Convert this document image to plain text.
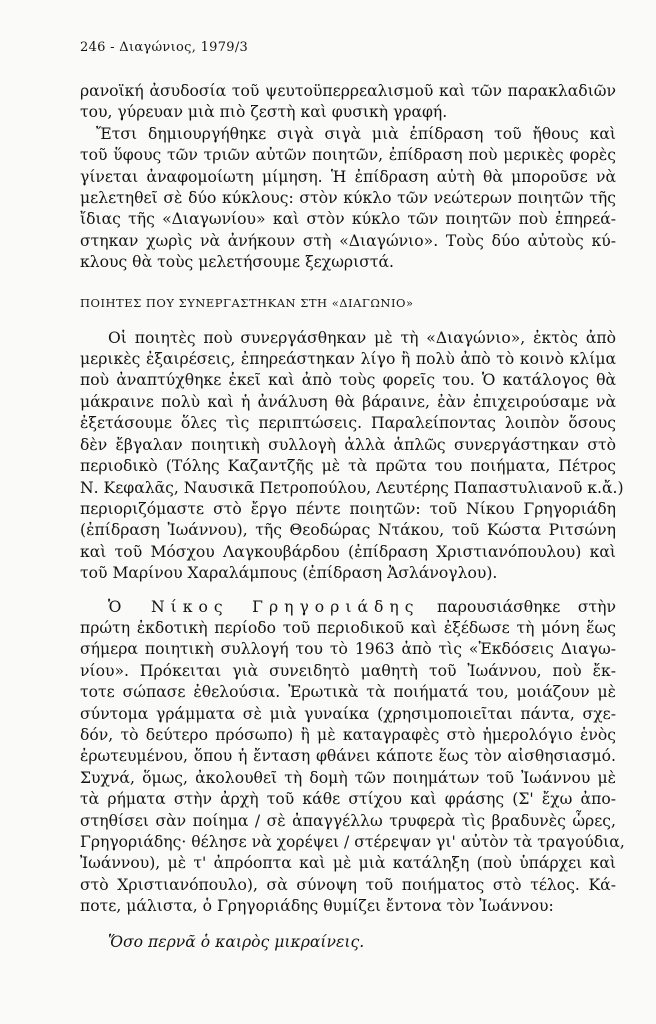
246 - Διαγώνιος, 1979/3
ρανοϊκή ἀσυδοσία τοῦ ψευτοϋπερρεαλισμοῦ καὶ τῶν παρακλαδιῶν
του, γύρευαν μιὰ πιὸ ζεστὴ καὶ φυσικὴ γραφή.
Ἔτσι δημιουργήθηκε σιγὰ σιγὰ μιὰ ἐπίδραση τοῦ ἤθους καὶ
τοῦ ὕφους τῶν τριῶν αὐτῶν ποιητῶν, ἐπίδραση ποὺ μερικὲς φορὲς
γίνεται ἀναφομοίωτη μίμηση. Ἡ ἐπίδραση αὐτὴ θὰ μποροῦσε νὰ
μελετηθεῖ σὲ δύο κύκλους: στὸν κύκλο τῶν νεώτερων ποιητῶν τῆς
ἴδιας τῆς «Διαγωνίου» καὶ στὸν κύκλο τῶν ποιητῶν ποὺ ἐπηρεά-
στηκαν χωρὶς νὰ ἀνήκουν στὴ «Διαγώνιο». Τοὺς δύο αὐτοὺς κύ-
κλους θὰ τοὺς μελετήσουμε ξεχωριστά.
ΠΟΙΗΤΕΣ ΠΟΥ ΣΥΝΕΡΓΑΣΤΗΚΑΝ ΣΤΗ «ΔΙΑΓΩΝΙΟ»
Οἱ ποιητὲς ποὺ συνεργάσθηκαν μὲ τὴ «Διαγώνιο», ἐκτὸς ἀπὸ
μερικὲς ἐξαιρέσεις, ἐπηρεάστηκαν λίγο ἢ πολὺ ἀπὸ τὸ κοινὸ κλίμα
ποὺ ἀναπτύχθηκε ἐκεῖ καὶ ἀπὸ τοὺς φορεῖς του. Ὁ κατάλογος θὰ
μάκραινε πολὺ καὶ ἡ ἀνάλυση θὰ βάραινε, ἐὰν ἐπιχειρούσαμε νὰ
ἐξετάσουμε ὅλες τὶς περιπτώσεις. Παραλείποντας λοιπὸν ὅσους
δὲν ἔβγαλαν ποιητικὴ συλλογὴ ἀλλὰ ἁπλῶς συνεργάστηκαν στὸ
περιοδικὸ (Τόλης Καζαντζῆς μὲ τὰ πρῶτα του ποιήματα, Πέτρος
Ν. Κεφαλᾶς, Ναυσικᾶ Πετροπούλου, Λευτέρης Παπαστυλιανοῦ κ.ἄ.)
περιοριζόμαστε στὸ ἔργο πέντε ποιητῶν: τοῦ Νίκου Γρηγοριάδη
(ἐπίδραση Ἰωάννου), τῆς Θεοδώρας Ντάκου, τοῦ Κώστα Ριτσώνη
καὶ τοῦ Μόσχου Λαγκουβάρδου (ἐπίδραση Χριστιανόπουλου) καὶ
τοῦ Μαρίνου Χαραλάμπους (ἐπίδραση Ἀσλάνογλου).
Ὁ Νίκος Γρηγοριάδης παρουσιάσθηκε στὴν
πρώτη ἐκδοτικὴ περίοδο τοῦ περιοδικοῦ καὶ ἐξέδωσε τὴ μόνη ἕως
σήμερα ποιητικὴ συλλογή του τὸ 1963 ἀπὸ τὶς «Ἐκδόσεις Διαγω-
νίου». Πρόκειται γιὰ συνειδητὸ μαθητὴ τοῦ Ἰωάννου, ποὺ ἔκ-
τοτε σώπασε ἐθελούσια. Ἐρωτικὰ τὰ ποιήματά του, μοιάζουν μὲ
σύντομα γράμματα σὲ μιὰ γυναίκα (χρησιμοποιεῖται πάντα, σχε-
δόν, τὸ δεύτερο πρόσωπο) ἢ μὲ καταγραφὲς στὸ ἡμερολόγιο ἑνὸς
ἐρωτευμένου, ὅπου ἡ ἔνταση φθάνει κάποτε ἕως τὸν αἰσθησιασμό.
Συχνά, ὅμως, ἀκολουθεῖ τὴ δομὴ τῶν ποιημάτων τοῦ Ἰωάννου μὲ
τὰ ρήματα στὴν ἀρχὴ τοῦ κάθε στίχου καὶ φράσης (Σ' ἔχω ἀπο-
στηθίσει σὰν ποίημα / σὲ ἀπαγγέλλω τρυφερὰ τὶς βραδυνὲς ὧρες,
Γρηγοριάδης· θέλησε νὰ χορέψει / στέρεψαν γι' αὐτὸν τὰ τραγούδια,
Ἰωάννου), μὲ τ' ἀπρόοπτα καὶ μὲ μιὰ κατάληξη (ποὺ ὑπάρχει καὶ
στὸ Χριστιανόπουλο), σὰ σύνοψη τοῦ ποιήματος στὸ τέλος. Κά-
ποτε, μάλιστα, ὁ Γρηγοριάδης θυμίζει ἔντονα τὸν Ἰωάννου:
Ὅσο περνᾶ ὁ καιρὸς μικραίνεις.
